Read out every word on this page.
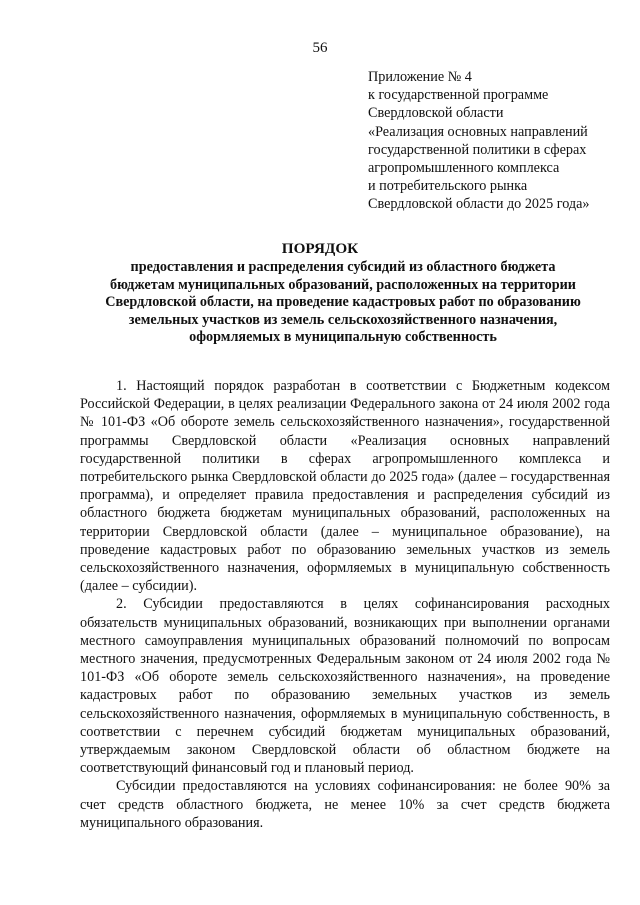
56
Приложение № 4
к государственной программе
Свердловской области
«Реализация основных направлений
государственной политики в сферах
агропромышленного комплекса
и потребительского рынка
Свердловской области до 2025 года»
ПОРЯДОК
предоставления и распределения субсидий из областного бюджета
бюджетам муниципальных образований, расположенных на территории
Свердловской области, на проведение кадастровых работ по образованию
земельных участков из земель сельскохозяйственного назначения,
оформляемых в муниципальную собственность

1. Настоящий порядок разработан в соответствии с Бюджетным кодексом Российской Федерации, в целях реализации Федерального закона от 24 июля 2002 года № 101-ФЗ «Об обороте земель сельскохозяйственного назначения», государственной программы Свердловской области «Реализация основных направлений государственной политики в сферах агропромышленного комплекса и потребительского рынка Свердловской области до 2025 года» (далее – государственная программа), и определяет правила предоставления и распределения субсидий из областного бюджета бюджетам муниципальных образований, расположенных на территории Свердловской области (далее – муниципальное образование), на проведение кадастровых работ по образованию земельных участков из земель сельскохозяйственного назначения, оформляемых в муниципальную собственность (далее – субсидии).

2. Субсидии предоставляются в целях софинансирования расходных обязательств муниципальных образований, возникающих при выполнении органами местного самоуправления муниципальных образований полномочий по вопросам местного значения, предусмотренных Федеральным законом от 24 июля 2002 года № 101-ФЗ «Об обороте земель сельскохозяйственного назначения», на проведение кадастровых работ по образованию земельных участков из земель сельскохозяйственного назначения, оформляемых в муниципальную собственность, в соответствии с перечнем субсидий бюджетам муниципальных образований, утверждаемым законом Свердловской области об областном бюджете на соответствующий финансовый год и плановый период.

Субсидии предоставляются на условиях софинансирования: не более 90% за счет средств областного бюджета, не менее 10% за счет средств бюджета муниципального образования.
